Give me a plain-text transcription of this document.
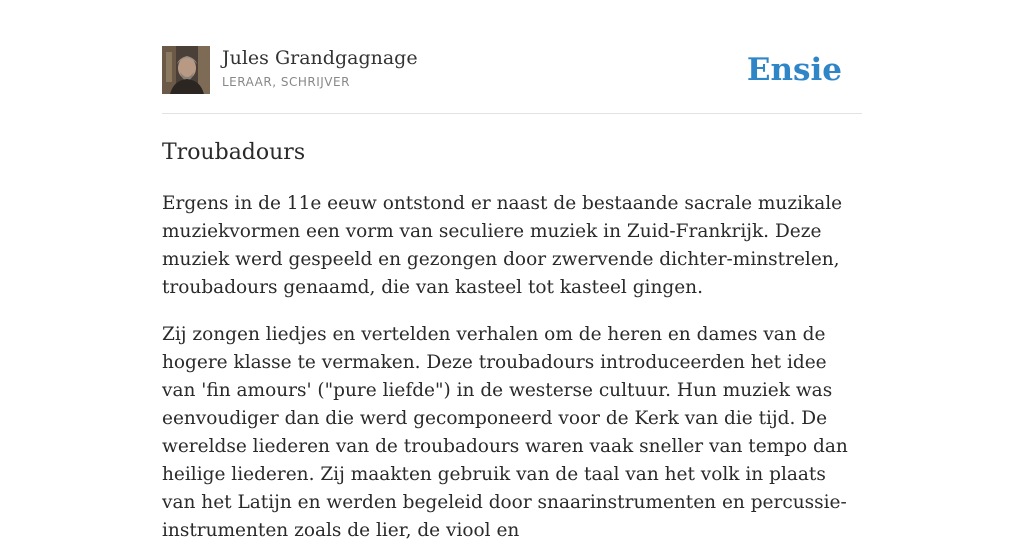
Jules Grandgagnage
LERAAR, SCHRIJVER	Ensie
Troubadours

Ergens in de 11e eeuw ontstond er naast de bestaande sacrale muzikale muziekvormen een vorm van seculiere muziek in Zuid-Frankrijk. Deze muziek werd gespeeld en gezongen door zwervende dichter-minstrelen, troubadours genaamd, die van kasteel tot kasteel gingen.

Zij zongen liedjes en vertelden verhalen om de heren en dames van de hogere klasse te vermaken. Deze troubadours introduceerden het idee van 'fin amours' ("pure liefde") in de westerse cultuur. Hun muziek was eenvoudiger dan die werd gecomponeerd voor de Kerk van die tijd. De wereldse liederen van de troubadours waren vaak sneller van tempo dan heilige liederen. Zij maakten gebruik van de taal van het volk in plaats van het Latijn en werden begeleid door snaarinstrumenten en percussie-instrumenten zoals de lier, de viool en
